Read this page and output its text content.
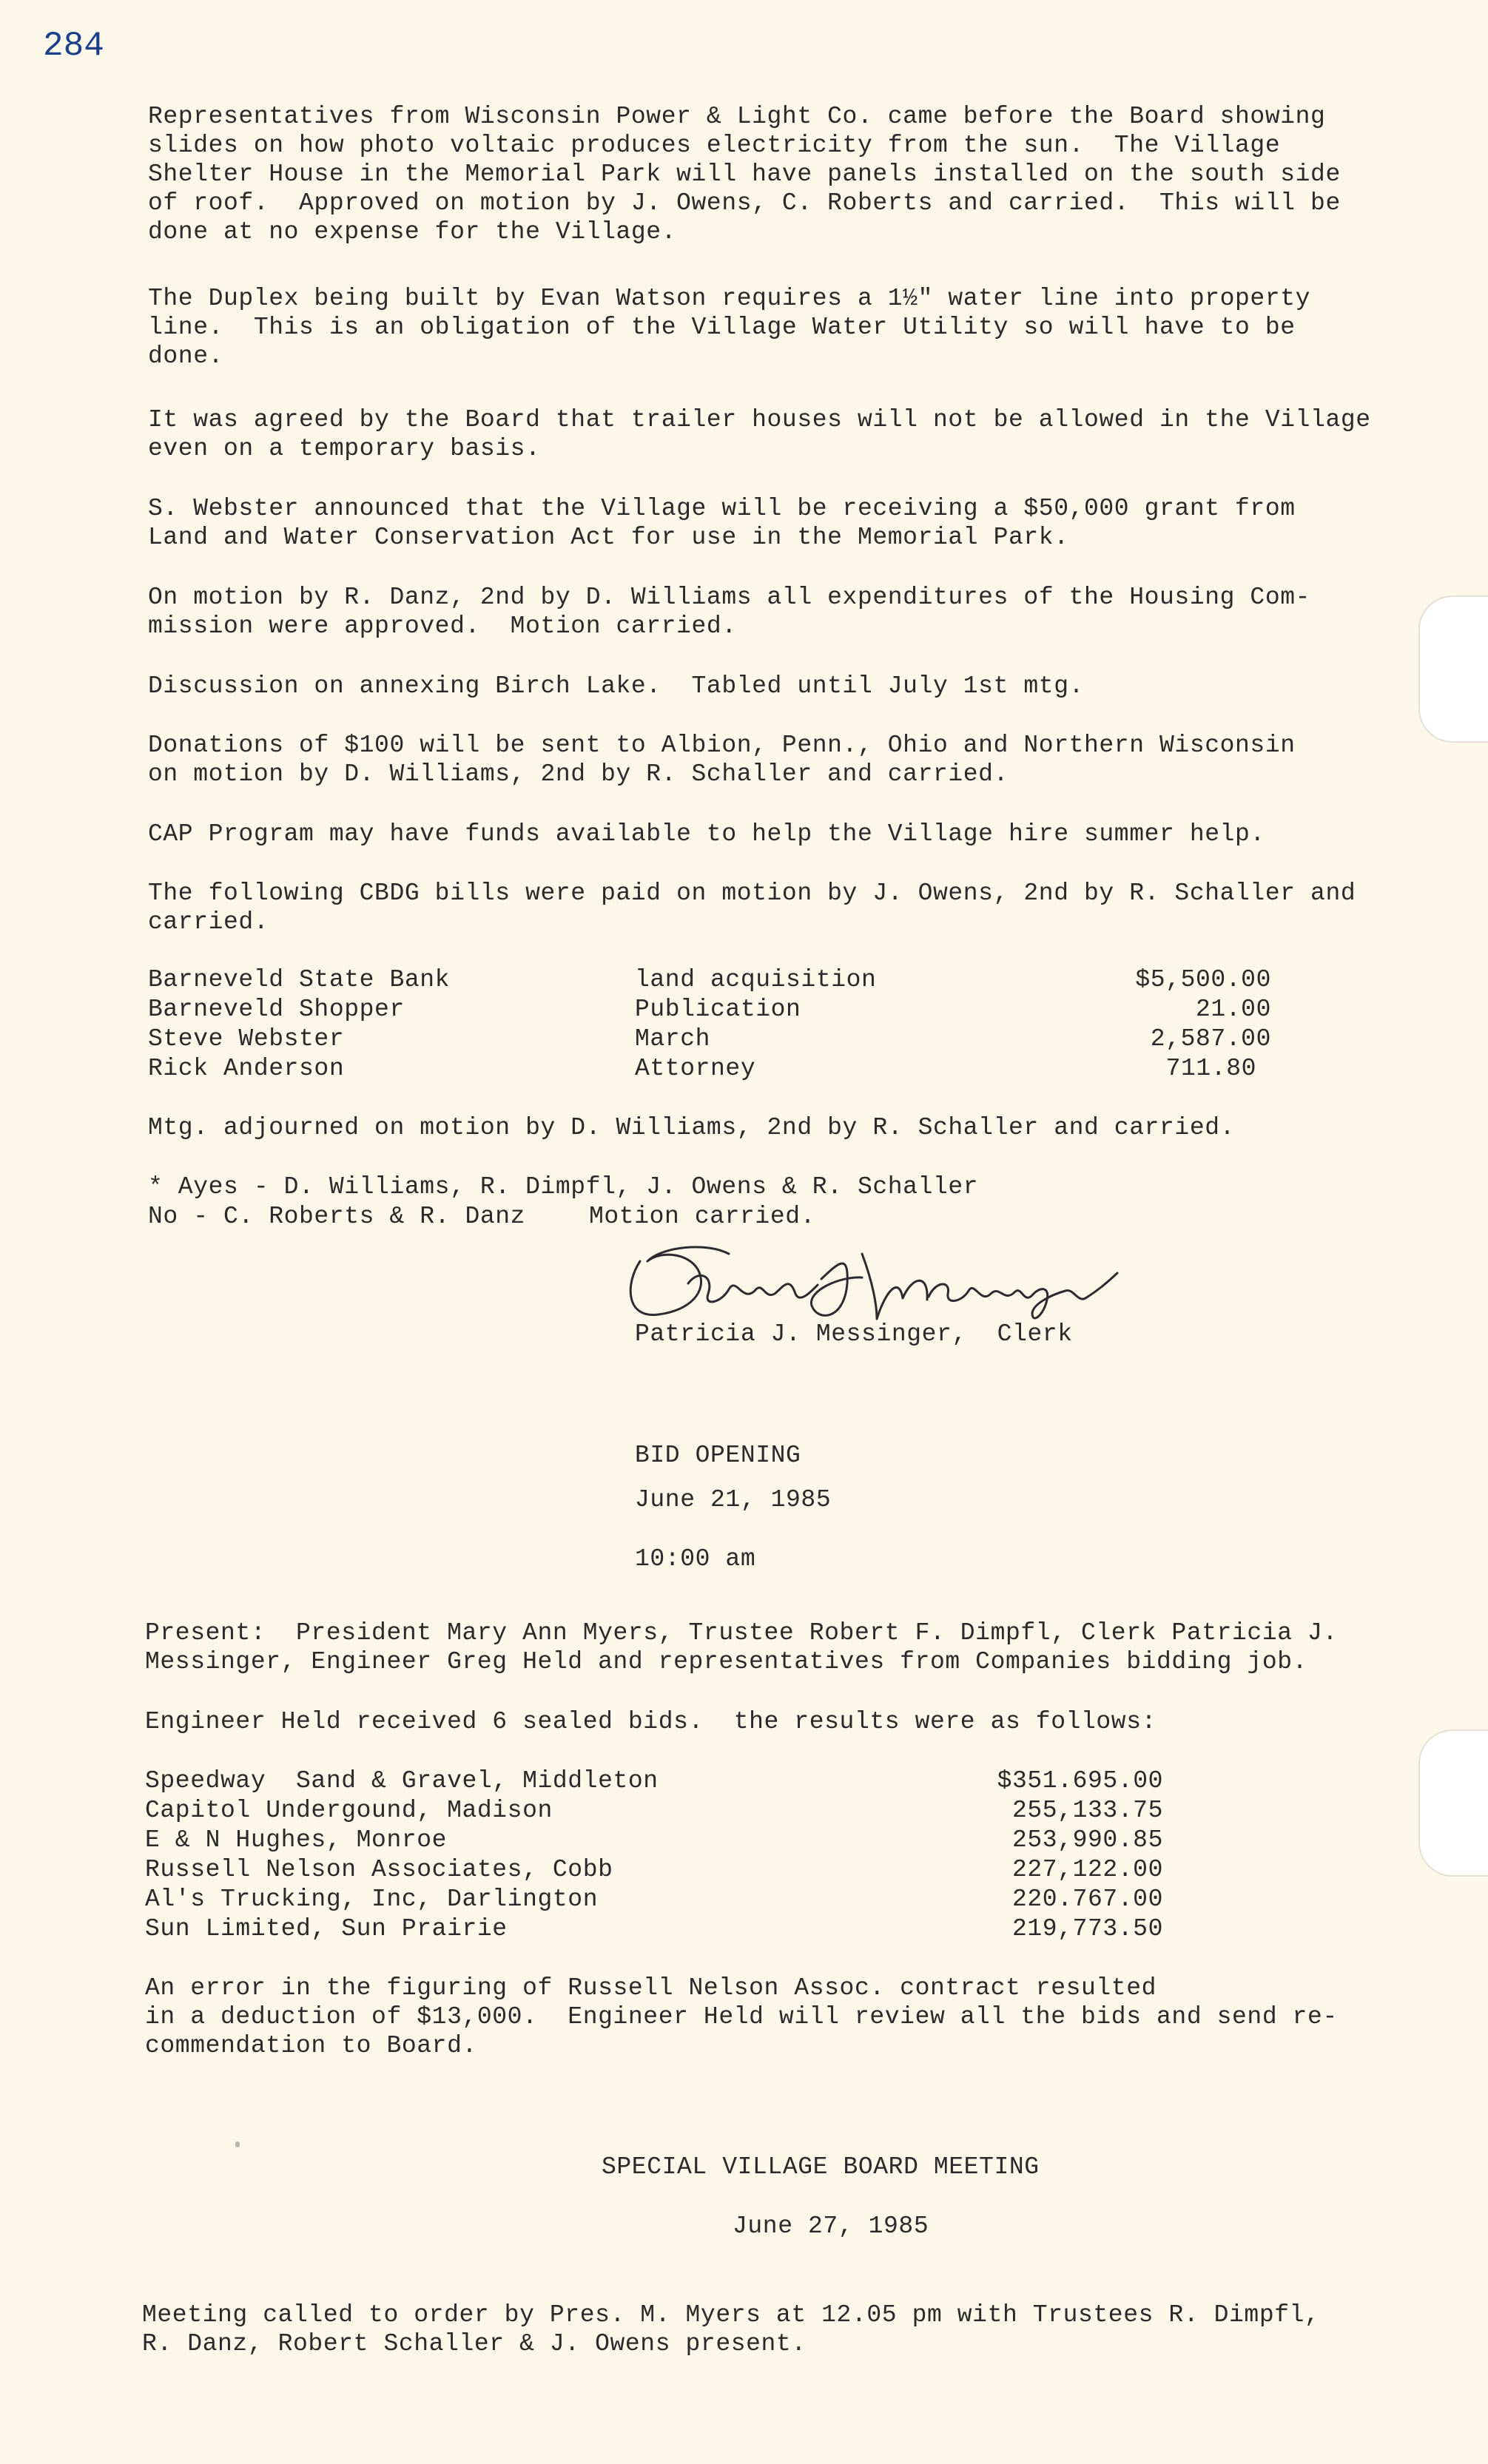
284

Representatives from Wisconsin Power & Light Co. came before the Board showing
slides on how photo voltaic produces electricity from the sun.  The Village
Shelter House in the Memorial Park will have panels installed on the south side
of roof.  Approved on motion by J. Owens, C. Roberts and carried.  This will be
done at no expense for the Village.

The Duplex being built by Evan Watson requires a 1½" water line into property
line.  This is an obligation of the Village Water Utility so will have to be
done.

It was agreed by the Board that trailer houses will not be allowed in the Village
even on a temporary basis.

S. Webster announced that the Village will be receiving a $50,000 grant from
Land and Water Conservation Act for use in the Memorial Park.

On motion by R. Danz, 2nd by D. Williams all expenditures of the Housing Com-
mission were approved.  Motion carried.

Discussion on annexing Birch Lake.  Tabled until July 1st mtg.

Donations of $100 will be sent to Albion, Penn., Ohio and Northern Wisconsin
on motion by D. Williams, 2nd by R. Schaller and carried.

CAP Program may have funds available to help the Village hire summer help.

The following CBDG bills were paid on motion by J. Owens, 2nd by R. Schaller and
carried.

Barneveld State Bank	land acquisition	$5,500.00
Barneveld Shopper	Publication	21.00
Steve Webster	March	2,587.00
Rick Anderson	Attorney	711.80

Mtg. adjourned on motion by D. Williams, 2nd by R. Schaller and carried.

* Ayes - D. Williams, R. Dimpfl, J. Owens & R. Schaller
No - C. Roberts & R. Danz	Motion carried.
Patricia J. Messinger,  Clerk
BID OPENING
June 21, 1985
10:00 am

Present:  President Mary Ann Myers, Trustee Robert F. Dimpfl, Clerk Patricia J.
Messinger, Engineer Greg Held and representatives from Companies bidding job.

Engineer Held received 6 sealed bids.  the results were as follows:

Speedway  Sand & Gravel, Middleton	$351.695.00
Capitol Undergound, Madison	255,133.75
E & N Hughes, Monroe	253,990.85
Russell Nelson Associates, Cobb	227,122.00
Al's Trucking, Inc, Darlington	220.767.00
Sun Limited, Sun Prairie	219,773.50

An error in the figuring of Russell Nelson Assoc. contract resulted
in a deduction of $13,000.  Engineer Held will review all the bids and send re-
commendation to Board.

SPECIAL VILLAGE BOARD MEETING
June 27, 1985

Meeting called to order by Pres. M. Myers at 12.05 pm with Trustees R. Dimpfl,
R. Danz, Robert Schaller & J. Owens present.
